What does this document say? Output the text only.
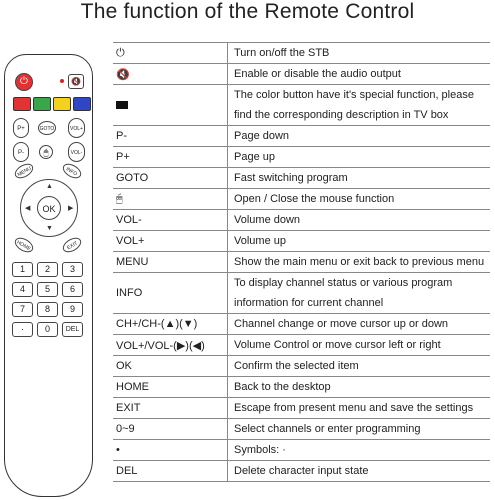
The function of the Remote Control
⏻	🔇
P+	GOTO	VOL+
P-	🖱	VOL-
MENU	INFO
▲
▼
◀	▶
OK
HOME	EXIT
1	2	3
4	5	6
7	8	9
·	0	DEL
⏻	Turn on/off the STB
🔇	Enable or disable the audio output
	The color button have it's special function, please find the corresponding description in TV box
P-	Page down
P+	Page up
GOTO	Fast switching program
🖱	Open / Close the mouse function
VOL-	Volume down
VOL+	Volume up
MENU	Show the main menu or exit back to previous menu
INFO	To display channel status or various program information for current channel
CH+/CH-(▲)(▼)	Channel change or move cursor up or down
VOL+/VOL-(▶)(◀)	Volume Control or move cursor left or right
OK	Confirm the selected item
HOME	Back to the desktop
EXIT	Escape from present menu and save the settings
0~9	Select channels or enter programming
•	Symbols: ·
DEL	Delete character input state
